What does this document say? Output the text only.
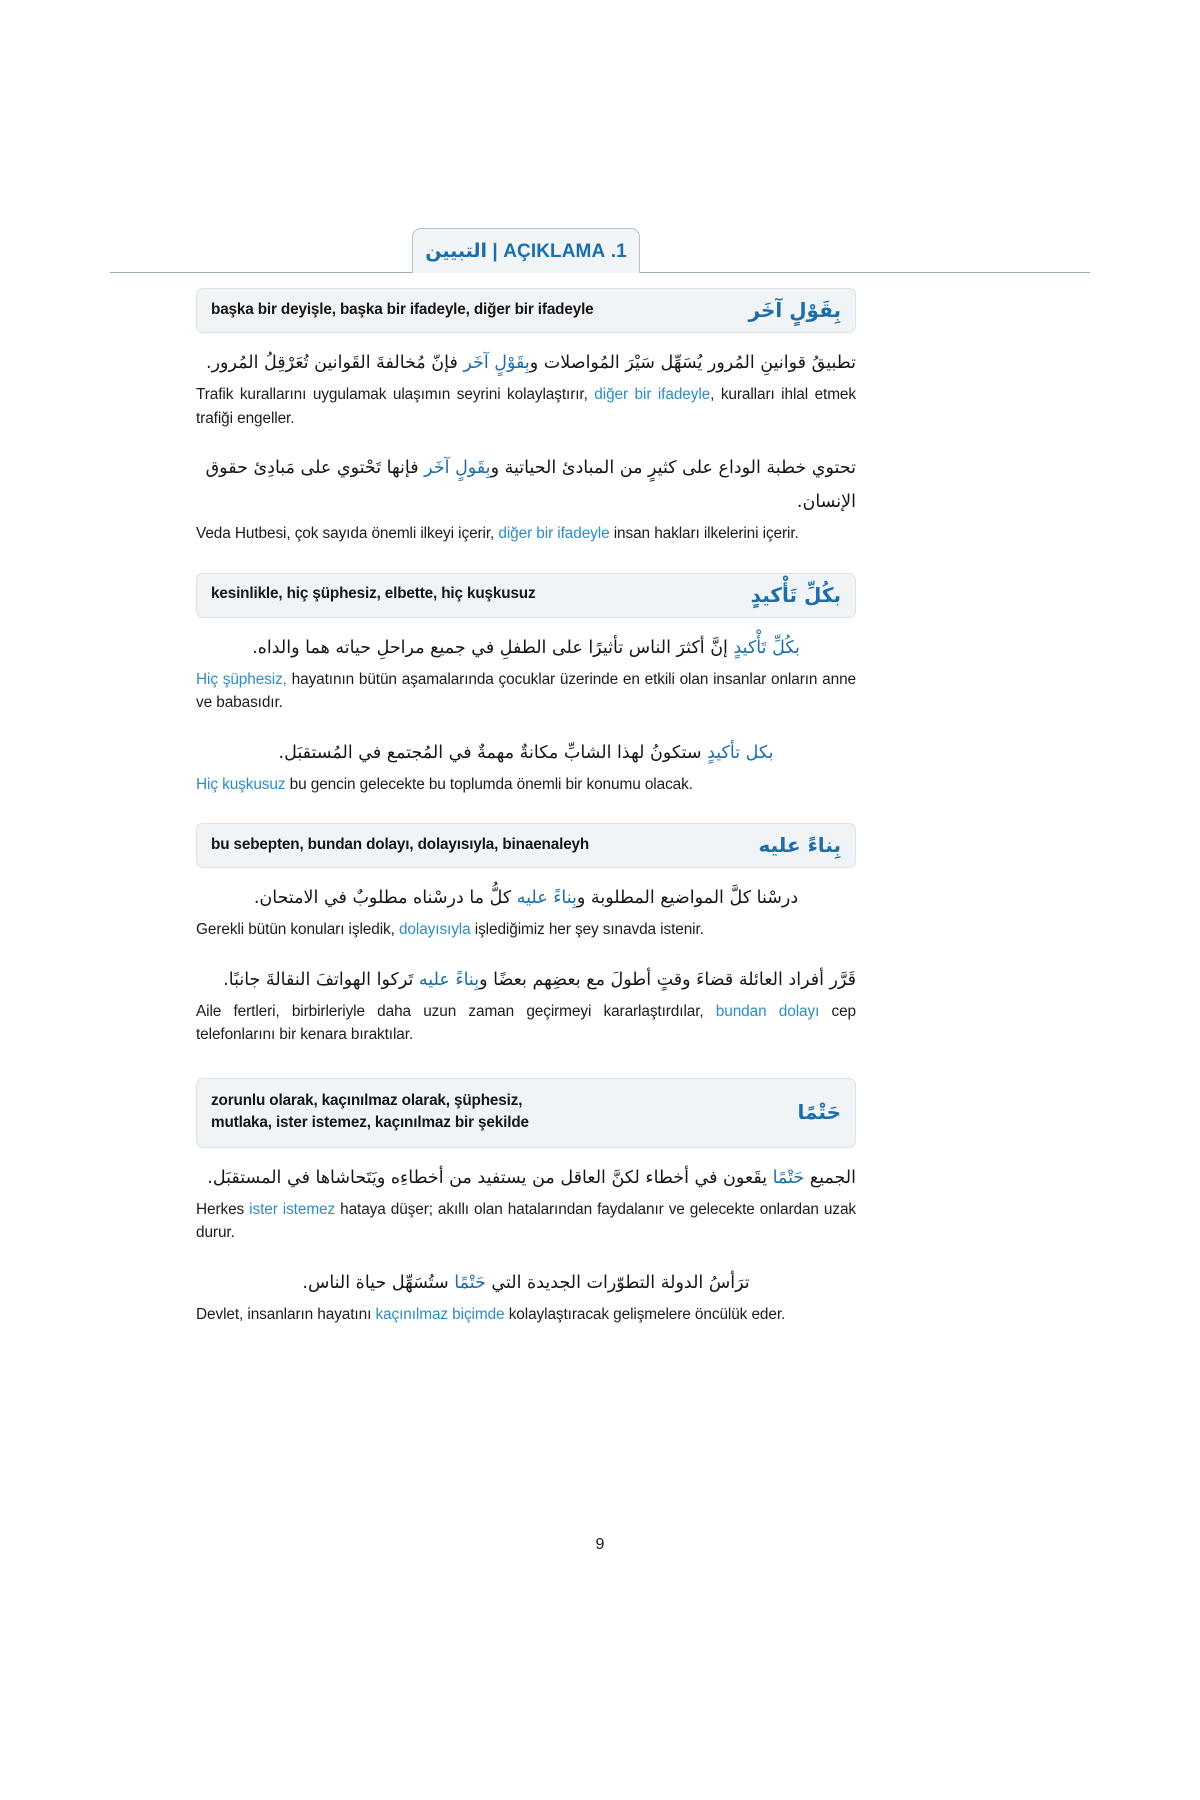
1. AÇIKLAMA | التبيين
başka bir deyişle, başka bir ifadeyle, diğer bir ifadeyle	بِقَوْلٍ آخَر

تطبيقُ قوانينِ المُرور يُسَهِّل سَيْرَ المُواصلات وبِقَوْلٍ آخَر فإنّ مُخالفةَ القَوانين تُعَرْقِلُ المُرور.

Trafik kurallarını uygulamak ulaşımın seyrini kolaylaştırır, diğer bir ifadeyle, kuralları ihlal etmek trafiği engeller.

تحتوي خطبة الوداع على كثيرٍ من المبادئ الحياتية وبِقَولٍ آخَر فإنها تَحْتوي على مَبادِئ حقوق الإنسان.

Veda Hutbesi, çok sayıda önemli ilkeyi içerir, diğer bir ifadeyle insan hakları ilkelerini içerir.

kesinlikle, hiç şüphesiz, elbette, hiç kuşkusuz	بكُلِّ تَأْكيدٍ

بكُلِّ تَأْكيدٍ إنَّ أكثرَ الناس تأثيرًا على الطفلِ في جميع مراحلِ حياته هما والداه.

Hiç şüphesiz, hayatının bütün aşamalarında çocuklar üzerinde en etkili olan insanlar onların anne ve babasıdır.

بكل تأكيدٍ ستكونُ لهذا الشابِّ مكانةٌ مهمةٌ في المُجتمع في المُستقبَل.

Hiç kuşkusuz bu gencin gelecekte bu toplumda önemli bir konumu olacak.

bu sebepten, bundan dolayı, dolayısıyla, binaenaleyh	بِناءً عليه

درسْنا كلَّ المواضيع المطلوبة وبِناءً عليه كلُّ ما درسْناه مطلوبٌ في الامتحان.

Gerekli bütün konuları işledik, dolayısıyla işlediğimiz her şey sınavda istenir.

قَرَّر أفراد العائلة قضاءَ وقتٍ أطولَ مع بعضِهم بعضًا وبِناءً عليه تَركوا الهواتفَ النقالةَ جانبًا.

Aile fertleri, birbirleriyle daha uzun zaman geçirmeyi kararlaştırdılar, bundan dolayı cep telefonlarını bir kenara bıraktılar.

zorunlu olarak, kaçınılmaz olarak, şüphesiz,
mutlaka, ister istemez, kaçınılmaz bir şekilde	حَتْمًا

الجميع حَتْمًا يقَعون في أخطاء لكنَّ العاقل من يستفيد من أخطاءِه ويَتَحاشاها في المستقبَل.

Herkes ister istemez hataya düşer; akıllı olan hatalarından faydalanır ve gelecekte onlardan uzak durur.

ترَأسُ الدولة التطوّرات الجديدة التي حَتْمًا ستُسَهِّل حياة الناس.

Devlet, insanların hayatını kaçınılmaz biçimde kolaylaştıracak gelişmelere öncülük eder.

9
